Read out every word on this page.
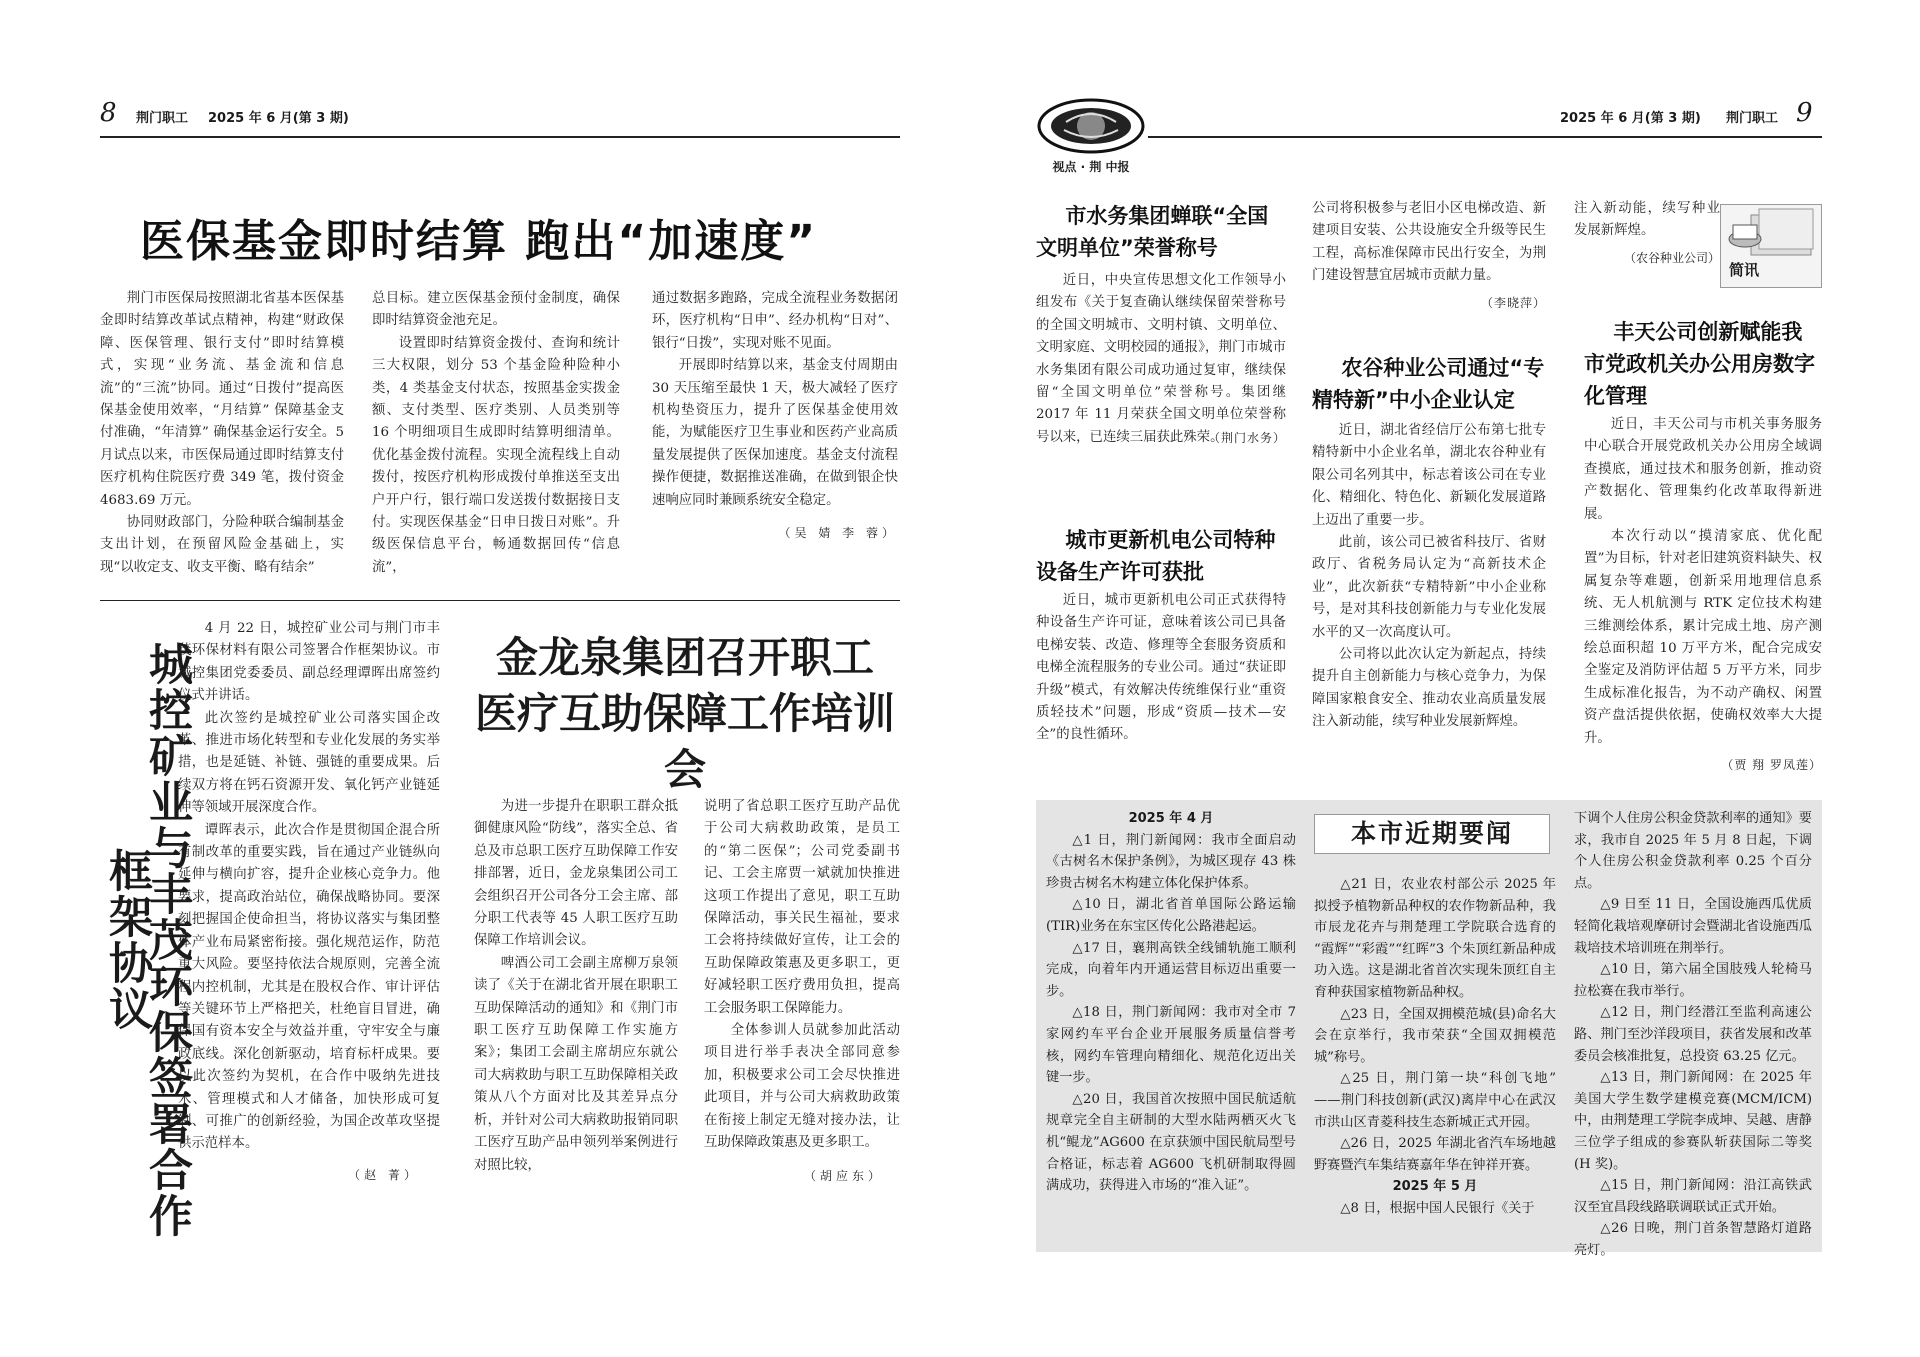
8 荆门职工 2025 年 6 月(第 3 期)
医保基金即时结算 跑出“加速度”

荆门市医保局按照湖北省基本医保基金即时结算改革试点精神，构建“财政保障、医保管理、银行支付”即时结算模式，实现“业务流、基金流和信息流”的“三流”协同。通过“日拨付”提高医保基金使用效率，“月结算” 保障基金支付准确，“年清算” 确保基金运行安全。5 月试点以来，市医保局通过即时结算支付医疗机构住院医疗费 349 笔，拨付资金 4683.69 万元。

协同财政部门，分险种联合编制基金支出计划，在预留风险金基础上，实现“以收定支、收支平衡、略有结余”

总目标。建立医保基金预付金制度，确保即时结算资金池充足。

设置即时结算资金拨付、查询和统计三大权限，划分 53 个基金险种险种小类，4 类基金支付状态，按照基金实拨金额、支付类型、医疗类别、人员类别等 16 个明细项目生成即时结算明细清单。优化基金拨付流程。实现全流程线上自动拨付，按医疗机构形成拨付单推送至支出户开户行，银行端口发送拨付数据接日支付。实现医保基金“日申日拨日对账”。升级医保信息平台，畅通数据回传“信息流”，

通过数据多跑路，完成全流程业务数据闭环，医疗机构“日申”、经办机构“日对”、银行“日拨”，实现对账不见面。

开展即时结算以来，基金支付周期由 30 天压缩至最快 1 天，极大减轻了医疗机构垫资压力，提升了医保基金使用效能，为赋能医疗卫生事业和医药产业高质量发展提供了医保加速度。基金支付流程操作便捷，数据推送准确，在做到银企快速响应同时兼顾系统安全稳定。

（吴 婧 李 蓉）
城控矿业与丰茂环保签署合作框架协议

4 月 22 日，城控矿业公司与荆门市丰茂环保材料有限公司签署合作框架协议。市城控集团党委委员、副总经理谭晖出席签约仪式并讲话。

此次签约是城控矿业公司落实国企改革、推进市场化转型和专业化发展的务实举措，也是延链、补链、强链的重要成果。后续双方将在钙石资源开发、氧化钙产业链延伸等领域开展深度合作。

谭晖表示，此次合作是贯彻国企混合所有制改革的重要实践，旨在通过产业链纵向延伸与横向扩容，提升企业核心竞争力。他要求，提高政治站位，确保战略协同。要深刻把握国企使命担当，将协议落实与集团整体产业布局紧密衔接。强化规范运作，防范重大风险。要坚持依法合规原则，完善全流程内控机制，尤其是在股权合作、审计评估等关键环节上严格把关，杜绝盲目冒进，确保国有资本安全与效益并重，守牢安全与廉政底线。深化创新驱动，培育标杆成果。要以此次签约为契机，在合作中吸纳先进技术、管理模式和人才储备，加快形成可复制、可推广的创新经验，为国企改革攻坚提供示范样本。

（赵 菁）
金龙泉集团召开职工
医疗互助保障工作培训会

为进一步提升在职职工群众抵御健康风险“防线”，落实全总、省总及市总职工医疗互助保障工作安排部署，近日，金龙泉集团公司工会组织召开公司各分工会主席、部分职工代表等 45 人职工医疗互助保障工作培训会议。

啤酒公司工会副主席柳万泉领读了《关于在湖北省开展在职职工互助保障活动的通知》和《荆门市职工医疗互助保障工作实施方案》；集团工会副主席胡应东就公司大病救助与职工互助保障相关政策从八个方面对比及其差异点分析，并针对公司大病救助报销同职工医疗互助产品申领列举案例进行对照比较，

说明了省总职工医疗互助产品优于公司大病救助政策，是员工的“第二医保”；公司党委副书记、工会主席贾一斌就加快推进这项工作提出了意见，职工互助保障活动，事关民生福祉，要求工会将持续做好宣传，让工会的互助保障政策惠及更多职工，更好减轻职工医疗费用负担，提高工会服务职工保障能力。

全体参训人员就参加此活动项目进行举手表决全部同意参加，积极要求公司工会尽快推进此项目，并与公司大病救助政策在衔接上制定无缝对接办法，让互助保障政策惠及更多职工。

（胡应东）
视点 · 荆 中报
2025 年 6 月(第 3 期) 荆门职工 9
市水务集团蝉联“全国文明单位”荣誉称号

近日，中央宣传思想文化工作领导小组发布《关于复查确认继续保留荣誉称号的全国文明城市、文明村镇、文明单位、文明家庭、文明校园的通报》，荆门市城市水务集团有限公司成功通过复审，继续保留“全国文明单位”荣誉称号。集团继 2017 年 11 月荣获全国文明单位荣誉称号以来，已连续三届获此殊荣。

（荆门水务）
城市更新机电公司特种设备生产许可获批

近日，城市更新机电公司正式获得特种设备生产许可证，意味着该公司已具备电梯安装、改造、修理等全套服务资质和电梯全流程服务的专业公司。通过“获证即升级”模式，有效解决传统维保行业“重资质轻技术”问题，形成“资质—技术—安全”的良性循环。

公司将积极参与老旧小区电梯改造、新建项目安装、公共设施安全升级等民生工程，高标准保障市民出行安全，为荆门建设智慧宜居城市贡献力量。

（李晓萍）
农谷种业公司通过“专精特新”中小企业认定

近日，湖北省经信厅公布第七批专精特新中小企业名单，湖北农谷种业有限公司名列其中，标志着该公司在专业化、精细化、特色化、新颖化发展道路上迈出了重要一步。

此前，该公司已被省科技厅、省财政厅、省税务局认定为“高新技术企业”，此次新获“专精特新”中小企业称号，是对其科技创新能力与专业化发展水平的又一次高度认可。

公司将以此次认定为新起点，持续提升自主创新能力与核心竞争力，为保障国家粮食安全、推动农业高质量发展注入新动能，续写种业发展新辉煌。

注入新动能，续写种业发展新辉煌。

（农谷种业公司）
简讯
丰天公司创新赋能我市党政机关办公用房数字化管理

近日，丰天公司与市机关事务服务中心联合开展党政机关办公用房全域调查摸底，通过技术和服务创新，推动资产数据化、管理集约化改革取得新进展。

本次行动以“摸清家底、优化配置”为目标，针对老旧建筑资料缺失、权属复杂等难题，创新采用地理信息系统、无人机航测与 RTK 定位技术构建三维测绘体系，累计完成土地、房产测绘总面积超 10 万平方米，配合完成安全鉴定及消防评估超 5 万平方米，同步生成标准化报告，为不动产确权、闲置资产盘活提供依据，使确权效率大大提升。

（贾 翔 罗凤莲）

2025 年 4 月

△1 日，荆门新闻网：我市全面启动《古树名木保护条例》，为城区现存 43 株珍贵古树名木构建立体化保护体系。

△10 日，湖北省首单国际公路运输(TIR)业务在东宝区传化公路港起运。

△17 日，襄荆高铁全线铺轨施工顺利完成，向着年内开通运营目标迈出重要一步。

△18 日，荆门新闻网：我市对全市 7 家网约车平台企业开展服务质量信誉考核，网约车管理向精细化、规范化迈出关键一步。

△20 日，我国首次按照中国民航适航规章完全自主研制的大型水陆两栖灭火飞机“鲲龙”AG600 在京获颁中国民航局型号合格证，标志着 AG600 飞机研制取得圆满成功，获得进入市场的“准入证”。

本市近期要闻

△21 日，农业农村部公示 2025 年拟授予植物新品种权的农作物新品种，我市辰龙花卉与荆楚理工学院联合选育的 “霞辉”“彩霞”“红晖”3 个朱顶红新品种成功入选。这是湖北省首次实现朱顶红自主育种获国家植物新品种权。

△23 日，全国双拥模范城(县)命名大会在京举行，我市荣获“全国双拥模范城”称号。

△25 日，荆门第一块“科创飞地” ——荆门科技创新(武汉)离岸中心在武汉市洪山区青菱科技生态新城正式开园。

△26 日，2025 年湖北省汽车场地越野赛暨汽车集结赛嘉年华在钟祥开赛。

2025 年 5 月

△8 日，根据中国人民银行《关于

下调个人住房公积金贷款利率的通知》要求，我市自 2025 年 5 月 8 日起，下调个人住房公积金贷款利率 0.25 个百分点。

△9 日至 11 日，全国设施西瓜优质轻简化栽培观摩研讨会暨湖北省设施西瓜栽培技术培训班在荆举行。

△10 日，第六届全国肢残人轮椅马拉松赛在我市举行。

△12 日，荆门经潜江至监利高速公路、荆门至沙洋段项目，获省发展和改革委员会核准批复，总投资 63.25 亿元。

△13 日，荆门新闻网：在 2025 年美国大学生数学建模竞赛(MCM/ICM)中，由荆楚理工学院李成坤、吴越、唐静三位学子组成的参赛队斩获国际二等奖(H 奖)。

△15 日，荆门新闻网：沿江高铁武汉至宜昌段线路联调联试正式开始。

△26 日晚，荆门首条智慧路灯道路亮灯。
